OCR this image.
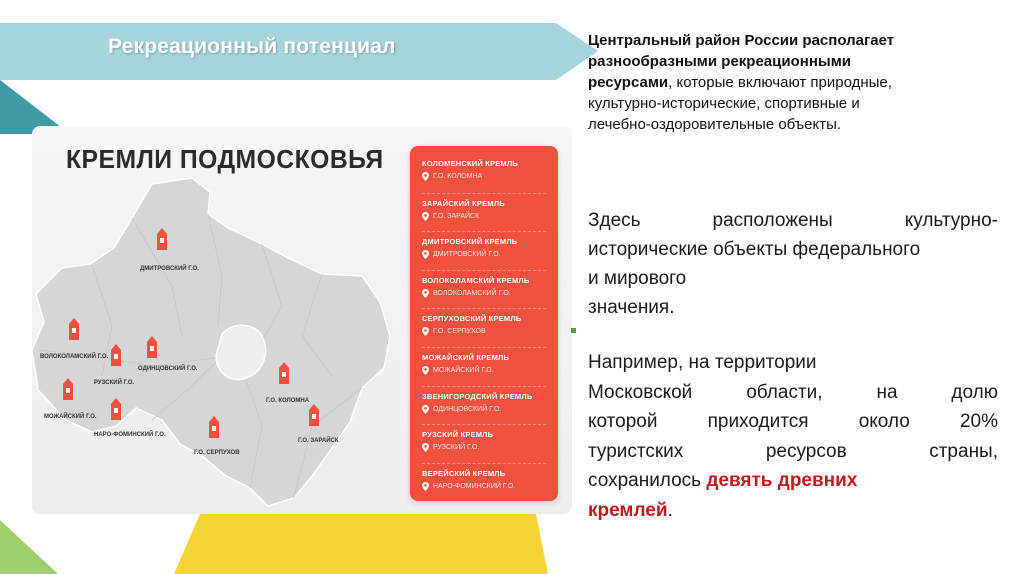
Рекреационный потенциал
КРЕМЛИ ПОДМОСКОВЬЯ
ДМИТРОВСКИЙ Г.О.
ВОЛОКОЛАМСКИЙ Г.О.
РУЗСКИЙ Г.О.
ОДИНЦОВСКИЙ Г.О.
МОЖАЙСКИЙ Г.О.
НАРО-ФОМИНСКИЙ Г.О.
Г.О. СЕРПУХОВ
Г.О. КОЛОМНА
Г.О. ЗАРАЙСК
КОЛОМЕНСКИЙ КРЕМЛЬ
Г.О. КОЛОМНА
ЗАРАЙСКИЙ КРЕМЛЬ
Г.О. ЗАРАЙСК
ДМИТРОВСКИЙ КРЕМЛЬ
ДМИТРОВСКИЙ Г.О.
ВОЛОКОЛАМСКИЙ КРЕМЛЬ
ВОЛОКОЛАМСКИЙ Г.О.
СЕРПУХОВСКИЙ КРЕМЛЬ
Г.О. СЕРПУХОВ
МОЖАЙСКИЙ КРЕМЛЬ
МОЖАЙСКИЙ Г.О.
ЗВЕНИГОРОДСКИЙ КРЕМЛЬ
ОДИНЦОВСКИЙ Г.О.
РУЗСКИЙ КРЕМЛЬ
РУЗСКИЙ Г.О.
ВЕРЕЙСКИЙ КРЕМЛЬ
НАРО-ФОМИНСКИЙ Г.О.
Центральный район России располагает
разнообразными рекреационными
ресурсами, которые включают природные,
культурно-исторические, спортивные и
лечебно-оздоровительные объекты.
Здесь расположены культурно-
исторические объекты федерального
и мирового
значения.
Например, на территории
Московской области, на долю
которой приходится около 20%
туристских ресурсов страны,
сохранилось девять древних
кремлей.
